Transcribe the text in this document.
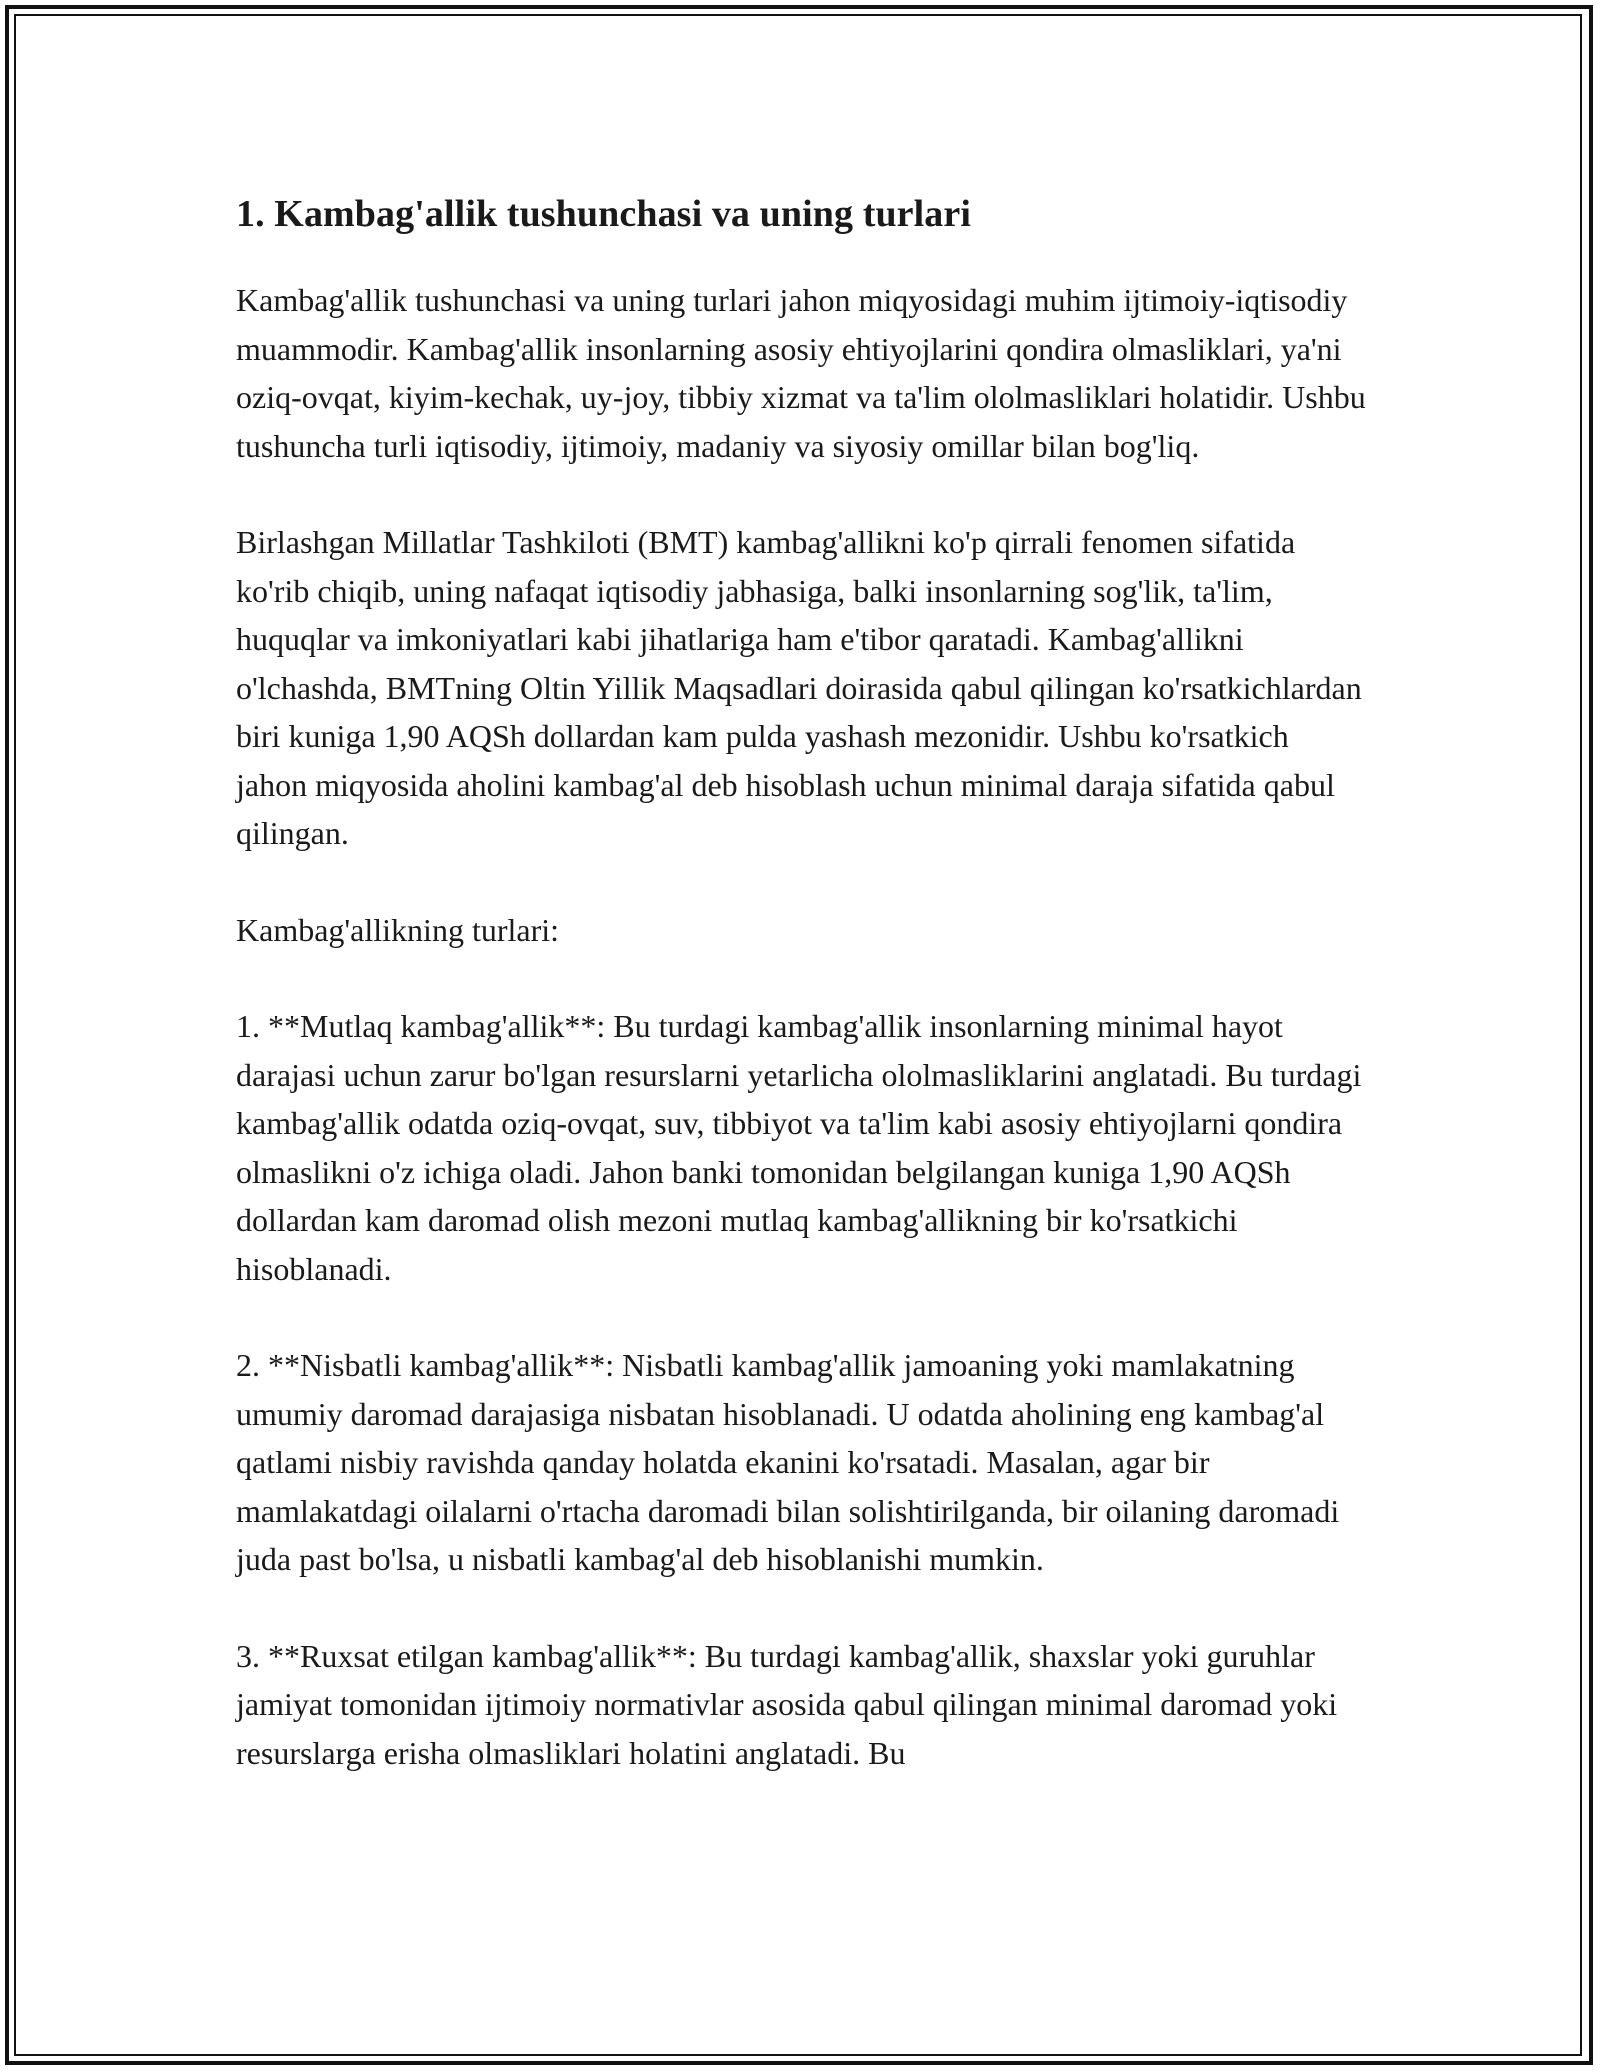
1. Kambag'allik tushunchasi va uning turlari

Kambag'allik tushunchasi va uning turlari jahon miqyosidagi muhim ijtimoiy-iqtisodiy muammodir. Kambag'allik insonlarning asosiy ehtiyojlarini qondira olmasliklari, ya'ni oziq-ovqat, kiyim-kechak, uy-joy, tibbiy xizmat va ta'lim ololmasliklari holatidir. Ushbu tushuncha turli iqtisodiy, ijtimoiy, madaniy va siyosiy omillar bilan bog'liq.

Birlashgan Millatlar Tashkiloti (BMT) kambag'allikni ko'p qirrali fenomen sifatida ko'rib chiqib, uning nafaqat iqtisodiy jabhasiga, balki insonlarning sog'lik, ta'lim, huquqlar va imkoniyatlari kabi jihatlariga ham e'tibor qaratadi. Kambag'allikni o'lchashda, BMTning Oltin Yillik Maqsadlari doirasida qabul qilingan ko'rsatkichlardan biri kuniga 1,90 AQSh dollardan kam pulda yashash mezonidir. Ushbu ko'rsatkich jahon miqyosida aholini kambag'al deb hisoblash uchun minimal daraja sifatida qabul qilingan.

Kambag'allikning turlari:

1. **Mutlaq kambag'allik**: Bu turdagi kambag'allik insonlarning minimal hayot darajasi uchun zarur bo'lgan resurslarni yetarlicha ololmasliklarini anglatadi. Bu turdagi kambag'allik odatda oziq-ovqat, suv, tibbiyot va ta'lim kabi asosiy ehtiyojlarni qondira olmaslikni o'z ichiga oladi. Jahon banki tomonidan belgilangan kuniga 1,90 AQSh dollardan kam daromad olish mezoni mutlaq kambag'allikning bir ko'rsatkichi hisoblanadi.

2. **Nisbatli kambag'allik**: Nisbatli kambag'allik jamoaning yoki mamlakatning umumiy daromad darajasiga nisbatan hisoblanadi. U odatda aholining eng kambag'al qatlami nisbiy ravishda qanday holatda ekanini ko'rsatadi. Masalan, agar bir mamlakatdagi oilalarni o'rtacha daromadi bilan solishtirilganda, bir oilaning daromadi juda past bo'lsa, u nisbatli kambag'al deb hisoblanishi mumkin.

3. **Ruxsat etilgan kambag'allik**: Bu turdagi kambag'allik, shaxslar yoki guruhlar jamiyat tomonidan ijtimoiy normativlar asosida qabul qilingan minimal daromad yoki resurslarga erisha olmasliklari holatini anglatadi. Bu
